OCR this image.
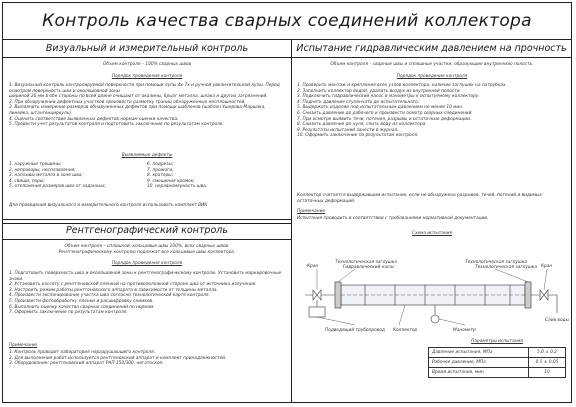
Контроль качества сварных соединений коллектора
Визуальный и измерительный контроль
Объем контроля – 100% сварных швов
Порядок проведения контроля

1. Визуальный контроль контролируемой поверхности при помощи лупы 4х-7х и ручной увеличительной лупы. Перед осмотром поверхность шва и околошовной зоны

шириной 20 мм в обе стороны по всей длине очищают от окалины, брызг металла, шлака и других загрязнений.

2. При обнаружении дефектных участков произвести разметку границ обнаруженных несплошностей.

3. Выполнить измерение размеров обнаруженных дефектов при помощи шаблонов (шаблон Ушерова-Маршака, линейка, штангенциркуль).

4. Оценить соответствие выявленных дефектов нормам оценки качества.

5. Провести учет результатов контроля и подготовить заключение по результатам контроля.

Выявляемые дефекты

1. наружные трещины;

2. непровары, несплавления;

3. наплывы металла в зоне шва;

4. свищи, поры;

5. отклонения размеров шва от заданных;

6. подрезы;

7. прожоги;

8. кратеры;

9. смещения кромок;

10. неравномерность шва.

Для проведения визуального и измерительного контроля использовать комплект ВИК
Рентгенографический контроль
Объем контроля – сплошной, кольцевые швы 100%, всех сварных швов.
Рентгенографическому контролю подлежат все кольцевые швы коллектора.
Порядок проведения контроля

1. Подготовить поверхность шва и околошовной зоны к рентгенографическому контролю. Установить маркировочные знаки.

2. Установить кассету с рентгеновской пленкой на противоположной стороне шва от источника излучения.

3. Настроить режим работы рентгеновского аппарата в зависимости от толщины металла.

4. Произвести экспонирование участка шва согласно технологической карте контроля.

5. Произвести фотообработку пленки и расшифровку снимков.

6. Выполнить оценку качества сварных соединений по нормам.

7. Оформить заключение по результатам контроля.

Примечание

1. Контроль проводит лаборатория неразрушающего контроля.

2. Для выполнения работ используется рентгеновский аппарат и комплект принадлежностей.

3. Оборудование: рентгеновский аппарат РАП 150/300, негатоскоп.

Испытание гидравлическим давлением на прочность
Объем контроля – сварные швы и сплошные участки, образующие внутреннюю полость.
Порядок проведения контроля

1. Проверить монтаж и крепления всех узлов коллектора, наличие заглушек на патрубках.

2. Заполнить коллектор водой, удалить воздух из внутренней полости.

3. Подключить гидравлический насос и манометры к испытуемому коллектору.

4. Поднять давление ступенчато до испытательного.

5. Выдержать изделие под испытательным давлением не менее 10 мин.

6. Снизить давление до рабочего и произвести осмотр сварных соединений.

7. При осмотре выявить течи, потения, разрывы и остаточные деформации.

8. Снизить давление до нуля, слить воду из коллектора.

9. Результаты испытаний занести в журнал.

10. Оформить заключение по результатам контроля.

Коллектор считается выдержавшим испытание, если не обнаружено разрывов, течей, потений и видимых остаточных деформаций.
Примечание
Испытания проводить в соответствии с требованиями нормативной документации.
Схема испытания
Кран
Технологическая заглушка
Гидравлический насос
Технологическая заглушка
Технологическая заглушка Кран
Подводящий трубопровод Коллектор	Манометр
Слив воды
Параметры испытания
Давление испытания, МПа	5.0 ± 0.2
Рабочее давление, МПа	0.5 ± 0.05
Время испытания, мин	10
